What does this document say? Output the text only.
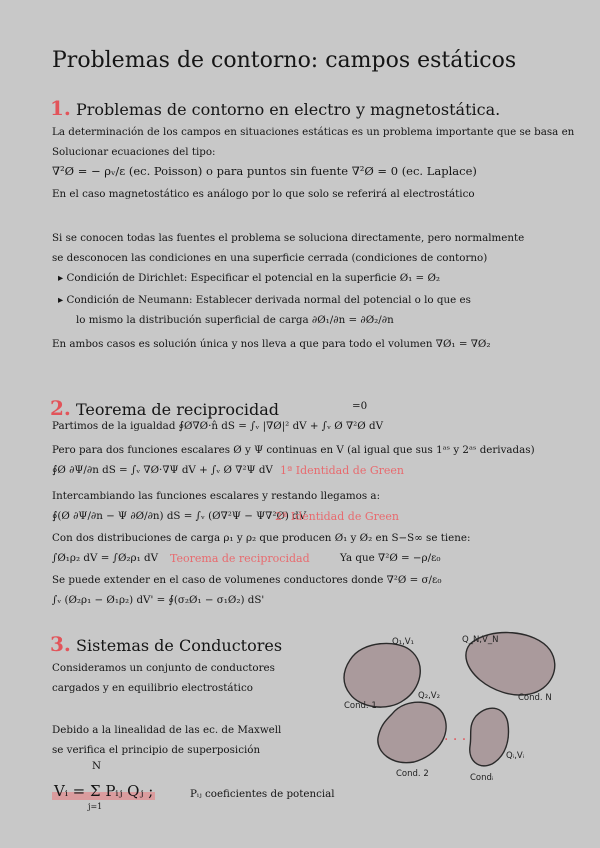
Problemas de contorno: campos estáticos
1. Problemas de contorno en electro y magnetostática.
La determinación de los campos en situaciones estáticas es un problema importante que se basa en
Solucionar ecuaciones del tipo:
∇²Ø = − ρᵥ/ε (ec. Poisson) o para puntos sin fuente ∇²Ø = 0 (ec. Laplace)
En el caso magnetostático es análogo por lo que solo se referirá al electrostático
Si se conocen todas las fuentes el problema se soluciona directamente, pero normalmente
se desconocen las condiciones en una superficie cerrada (condiciones de contorno)
▸ Condición de Dirichlet: Especificar el potencial en la superficie Ø₁ = Ø₂
▸ Condición de Neumann: Establecer derivada normal del potencial o lo que es
lo mismo la distribución superficial de carga ∂Ø₁/∂n = ∂Ø₂/∂n
En ambos casos es solución única y nos lleva a que para todo el volumen ∇Ø₁ = ∇Ø₂
2. Teorema de reciprocidad	=0
Partimos de la igualdad ∮Ø∇Ø·n̂ dS = ∫ᵥ |∇Ø|² dV + ∫ᵥ Ø ∇²Ø dV
Pero para dos funciones escalares Ø y Ψ continuas en V (al igual que sus 1ᵃˢ y 2ᵃˢ derivadas)
∮Ø ∂Ψ/∂n dS = ∫ᵥ ∇Ø·∇Ψ dV + ∫ᵥ Ø ∇²Ψ dV 1ª Identidad de Green
Intercambiando las funciones escalares y restando llegamos a:
∮(Ø ∂Ψ/∂n − Ψ ∂Ø/∂n) dS = ∫ᵥ (Ø∇²Ψ − Ψ∇²Ø) dV
2ª Identidad de Green
Con dos distribuciones de carga ρ₁ y ρ₂ que producen Ø₁ y Ø₂ en S−S∞ se tiene:
∫Ø₁ρ₂ dV = ∫Ø₂ρ₁ dV Teorema de reciprocidad	Ya que ∇²Ø = −ρ/ε₀
Se puede extender en el caso de volumenes conductores donde ∇²Ø = σ/ε₀
∫ᵥ (Ø₂ρ₁ − Ø₁ρ₂) dV' = ∮(σ₂Ø₁ − σ₁Ø₂) dS'
3. Sistemas de Conductores
Consideramos un conjunto de conductores
cargados y en equilibrio electrostático
Debido a la linealidad de las ec. de Maxwell
se verifica el principio de superposición
N
Vᵢ = Σ Pᵢⱼ Qⱼ ;
j=1
Pᵢⱼ coeficientes de potencial
Q₁,V₁	Q_N,V_N
Q₂,V₂
Qᵢ,Vᵢ
Cond. 1
Cond. N
Cond. 2	Condᵢ
· · ·
